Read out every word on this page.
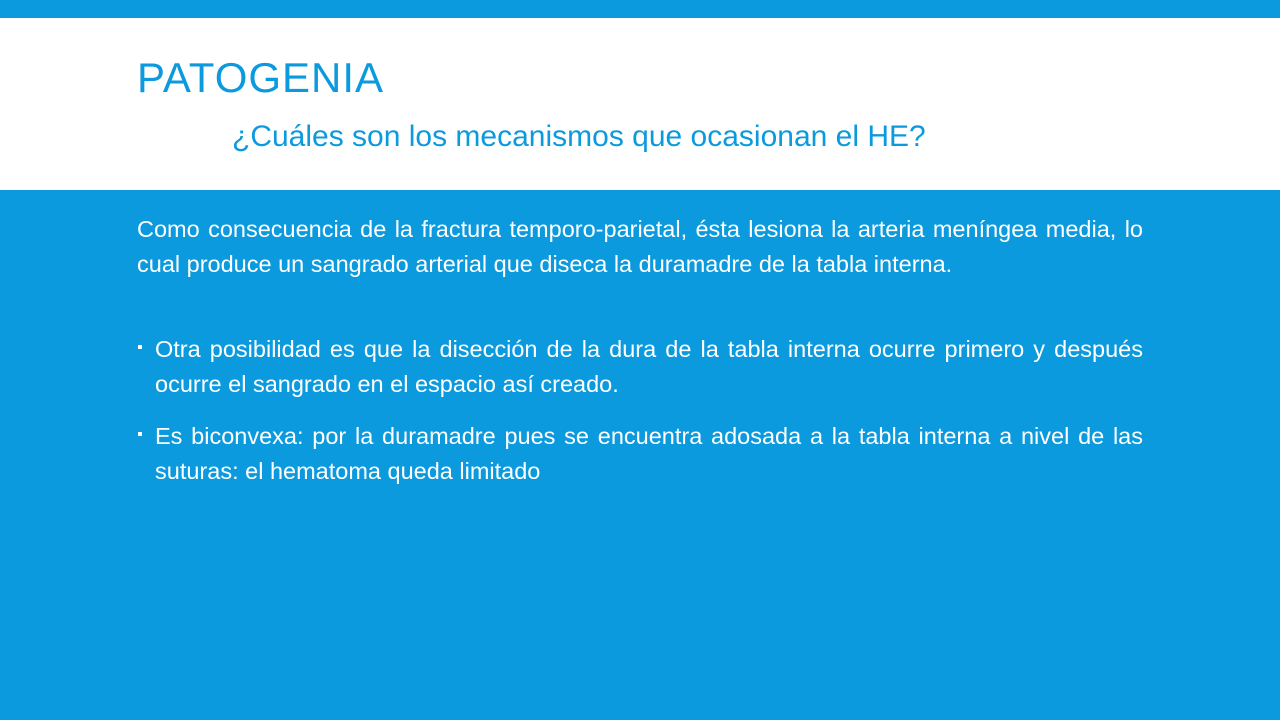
PATOGENIA
¿Cuáles son los mecanismos que ocasionan el HE?

Como consecuencia de la fractura temporo-parietal, ésta lesiona la arteria meníngea media, lo cual produce un sangrado arterial que diseca la duramadre de la tabla interna.

Otra posibilidad es que la disección de la dura de la tabla interna ocurre primero y después ocurre el sangrado en el espacio así creado.
Es biconvexa: por la duramadre pues se encuentra adosada a la tabla interna a nivel de las suturas: el hematoma queda limitado
